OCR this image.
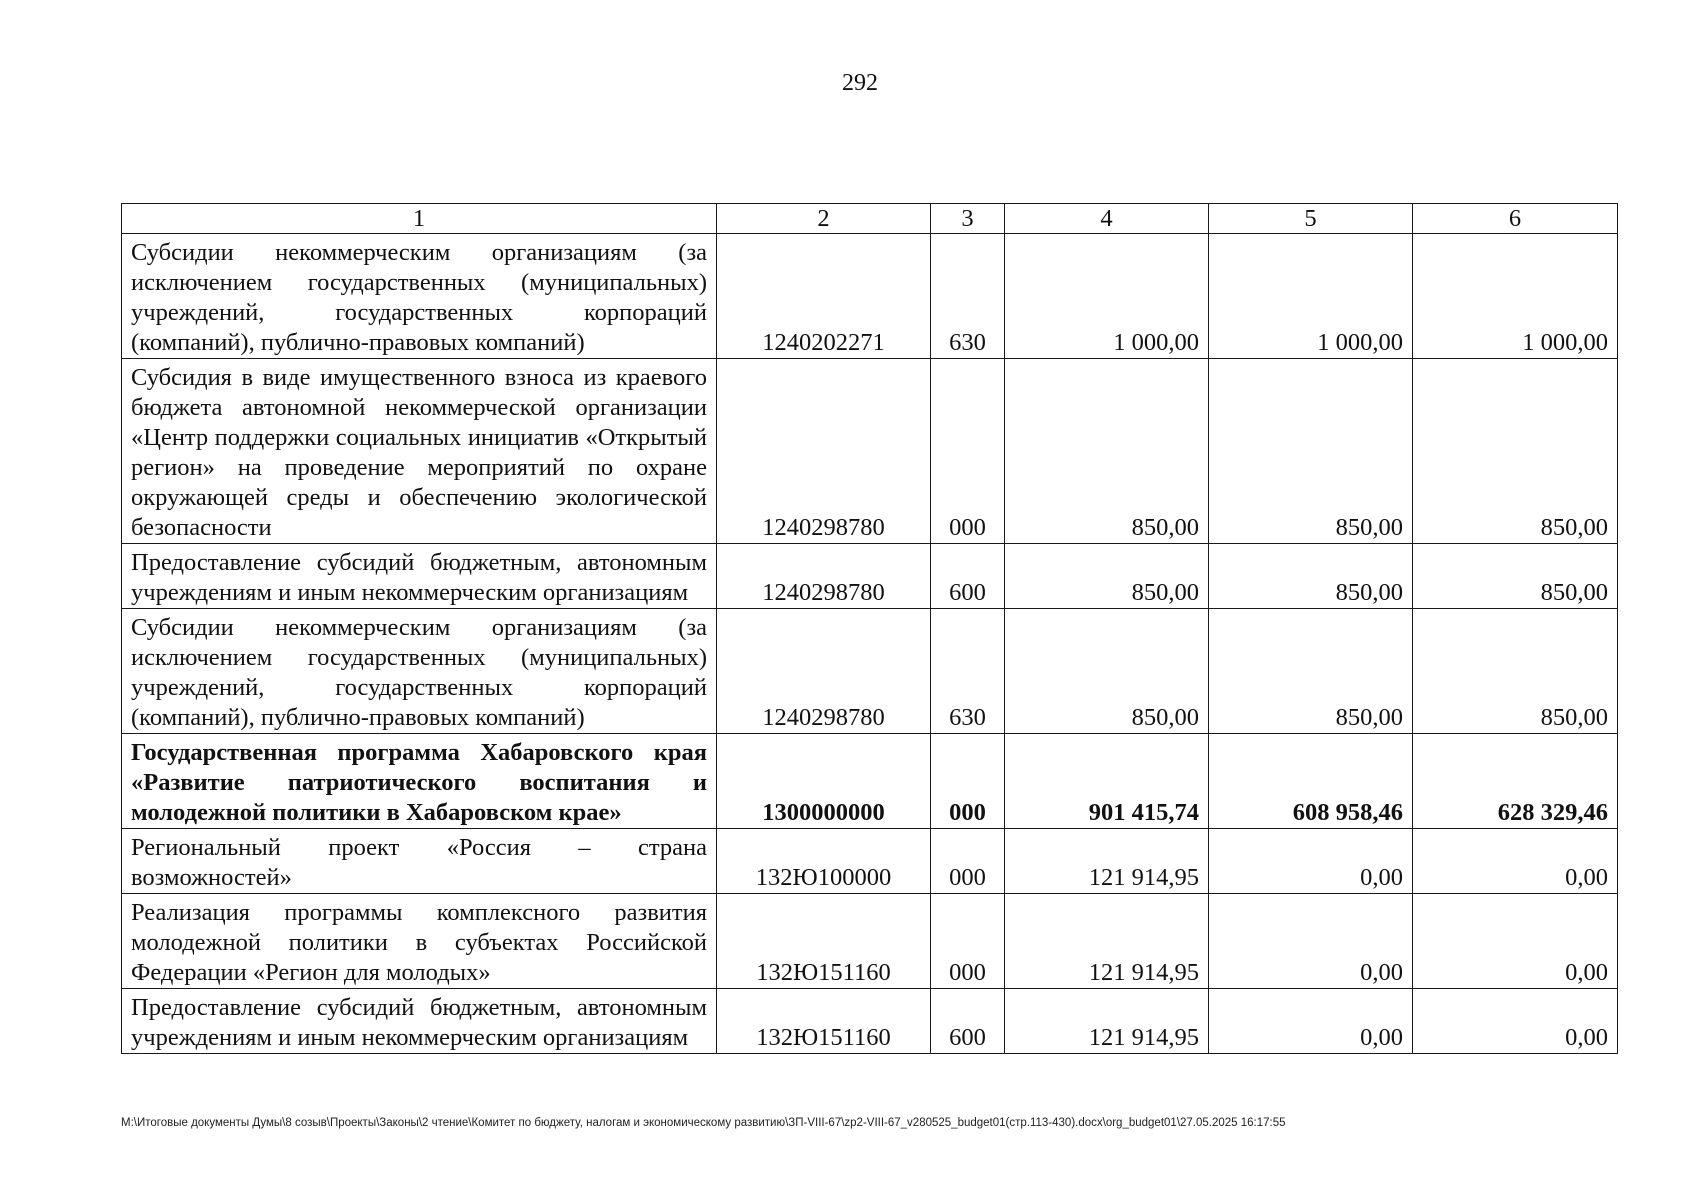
292
1	2	3	4	5	6
Субсидии некоммерческим организациям (за исключением государственных (муниципальных) учреждений, государственных корпораций (компаний), публично-правовых компаний)	1240202271	630	1 000,00	1 000,00	1 000,00
Субсидия в виде имущественного взноса из краевого бюджета автономной некоммерческой организации «Центр поддержки социальных инициатив «Открытый регион» на проведение мероприятий по охране окружающей среды и обеспечению экологической безопасности	1240298780	000	850,00	850,00	850,00
Предоставление субсидий бюджетным, автономным учреждениям и иным некоммерческим организациям	1240298780	600	850,00	850,00	850,00
Субсидии некоммерческим организациям (за исключением государственных (муниципальных) учреждений, государственных корпораций (компаний), публично-правовых компаний)	1240298780	630	850,00	850,00	850,00
Государственная программа Хабаровского края «Развитие патриотического воспитания и молодежной политики в Хабаровском крае»	1300000000	000	901 415,74	608 958,46	628 329,46
Региональный проект «Россия – страна возможностей»	132Ю100000	000	121 914,95	0,00	0,00
Реализация программы комплексного развития молодежной политики в субъектах Российской Федерации «Регион для молодых»	132Ю151160	000	121 914,95	0,00	0,00
Предоставление субсидий бюджетным, автономным учреждениям и иным некоммерческим организациям	132Ю151160	600	121 914,95	0,00	0,00
M:\Итоговые документы Думы\8 созыв\Проекты\Законы\2 чтение\Комитет по бюджету, налогам и экономическому развитию\ЗП-VIII-67\zp2-VIII-67_v280525_budget01(стр.113-430).docx\org_budget01\27.05.2025 16:17:55
